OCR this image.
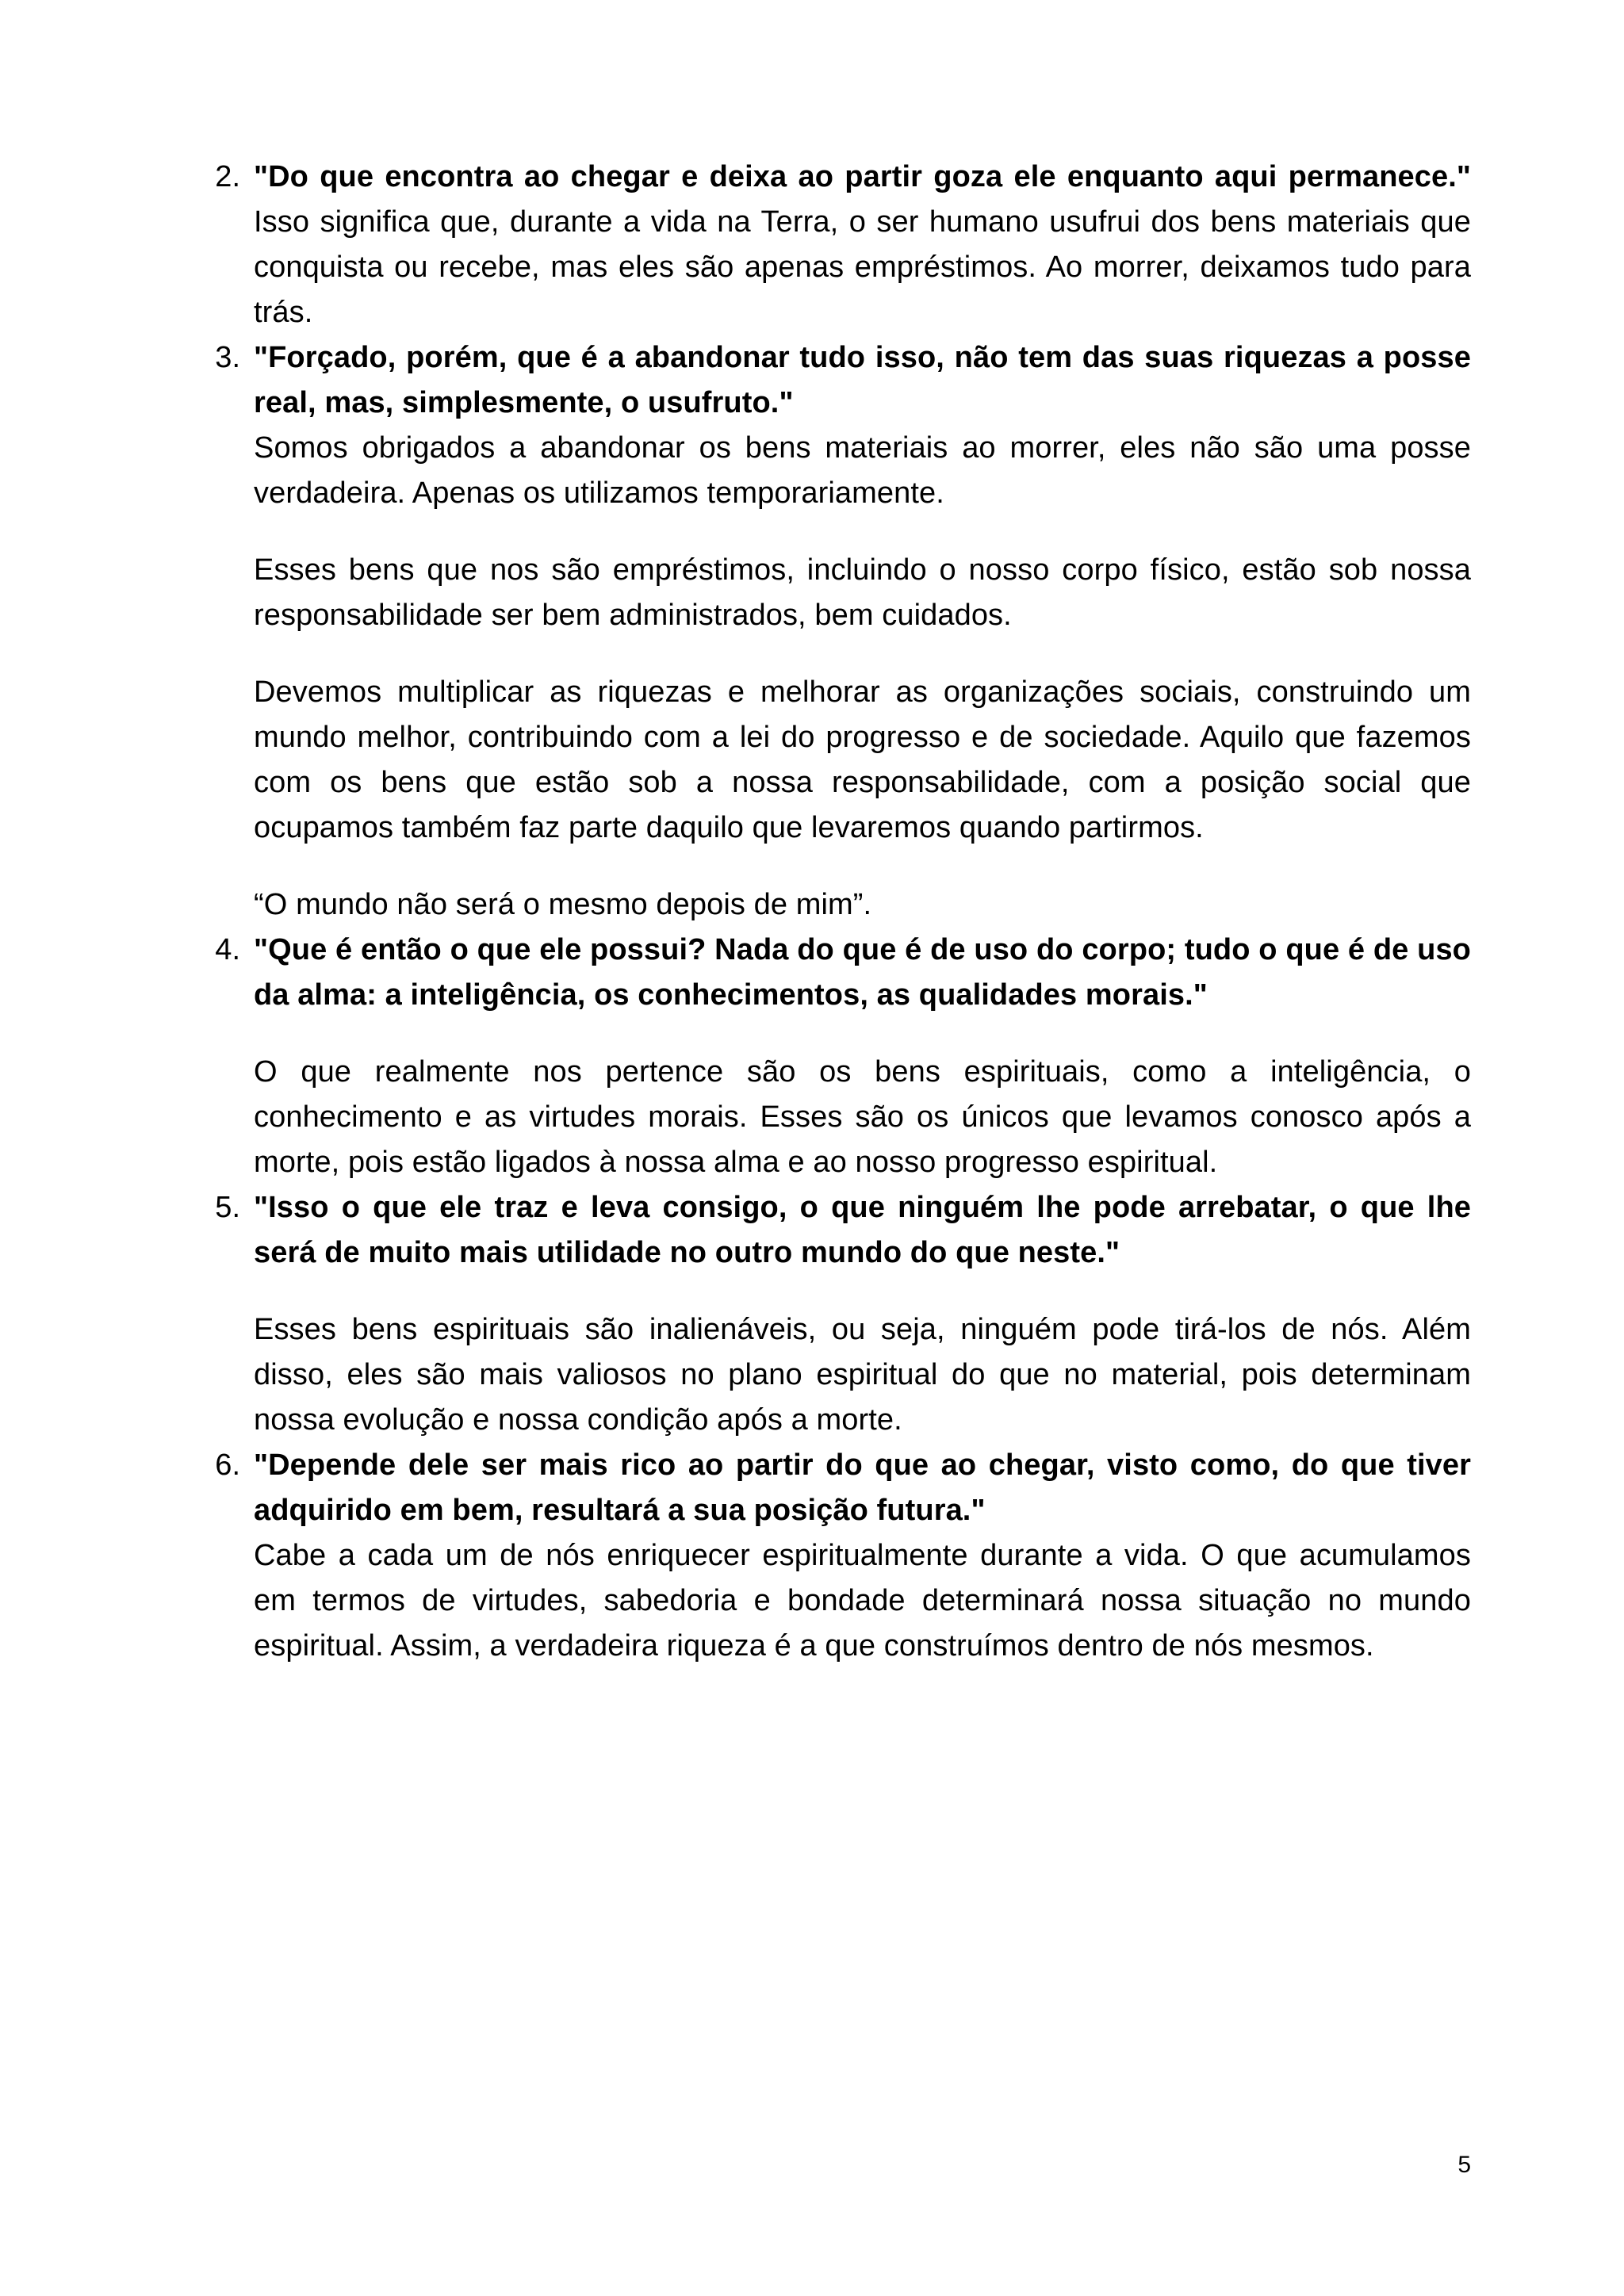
"Do que encontra ao chegar e deixa ao partir goza ele enquanto aqui permanece."

Isso significa que, durante a vida na Terra, o ser humano usufrui dos bens materiais que conquista ou recebe, mas eles são apenas empréstimos. Ao morrer, deixamos tudo para trás.

"Forçado, porém, que é a abandonar tudo isso, não tem das suas riquezas a posse real, mas, simplesmente, o usufruto."

Somos obrigados a abandonar os bens materiais ao morrer, eles não são uma posse verdadeira. Apenas os utilizamos temporariamente.

Esses bens que nos são empréstimos, incluindo o nosso corpo físico, estão sob nossa responsabilidade ser bem administrados, bem cuidados.

Devemos multiplicar as riquezas e melhorar as organizações sociais, construindo um mundo melhor, contribuindo com a lei do progresso e de sociedade. Aquilo que fazemos com os bens que estão sob a nossa responsabilidade, com a posição social que ocupamos também faz parte daquilo que levaremos quando partirmos.

“O mundo não será o mesmo depois de mim”.

"Que é então o que ele possui? Nada do que é de uso do corpo; tudo o que é de uso da alma: a inteligência, os conhecimentos, as qualidades morais."

O que realmente nos pertence são os bens espirituais, como a inteligência, o conhecimento e as virtudes morais. Esses são os únicos que levamos conosco após a morte, pois estão ligados à nossa alma e ao nosso progresso espiritual.

"Isso o que ele traz e leva consigo, o que ninguém lhe pode arrebatar, o que lhe será de muito mais utilidade no outro mundo do que neste."

Esses bens espirituais são inalienáveis, ou seja, ninguém pode tirá-los de nós. Além disso, eles são mais valiosos no plano espiritual do que no material, pois determinam nossa evolução e nossa condição após a morte.

"Depende dele ser mais rico ao partir do que ao chegar, visto como, do que tiver adquirido em bem, resultará a sua posição futura."

Cabe a cada um de nós enriquecer espiritualmente durante a vida. O que acumulamos em termos de virtudes, sabedoria e bondade determinará nossa situação no mundo espiritual. Assim, a verdadeira riqueza é a que construímos dentro de nós mesmos.

5
